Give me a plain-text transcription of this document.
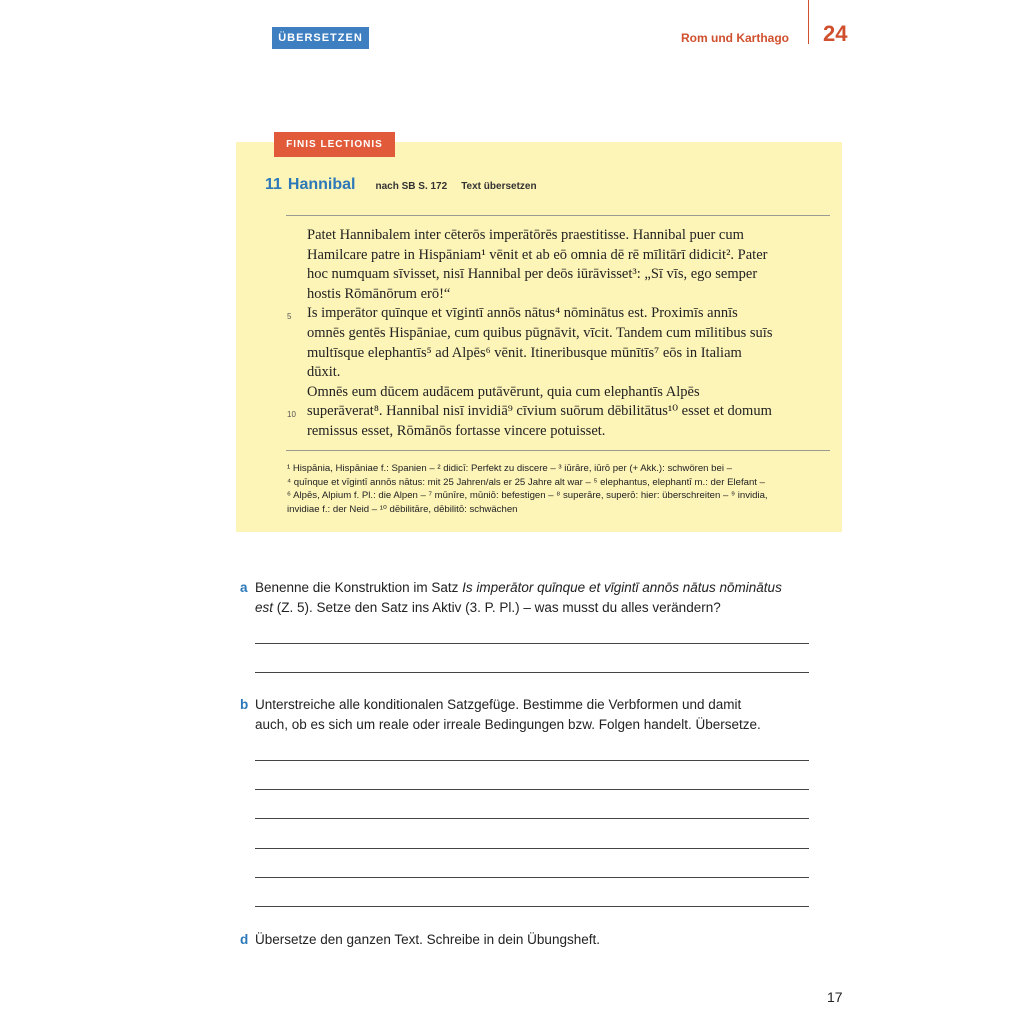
ÜBERSETZEN	Rom und Karthago 24
FINIS LECTIONIS
11 Hannibal nach SB S. 172 Text übersetzen
Patet Hannibalem inter cēterōs imperātōrēs praestitisse. Hannibal puer cum
Hamilcare patre in Hispāniam¹ vēnit et ab eō omnia dē rē mīlitārī didicit². Pater
hoc numquam sīvisset, nisī Hannibal per deōs iūrāvisset³: „Sī vīs, ego semper
hostis Rōmānōrum erō!“
5 Is imperātor quīnque et vīgintī annōs nātus⁴ nōminātus est. Proximīs annīs
omnēs gentēs Hispāniae, cum quibus pūgnāvit, vīcit. Tandem cum mīlitibus suīs
multīsque elephantīs⁵ ad Alpēs⁶ vēnit. Itineribusque mūnītīs⁷ eōs in Italiam
dūxit.
Omnēs eum dūcem audācem putāvērunt, quia cum elephantīs Alpēs
10 superāverat⁸. Hannibal nisī invidiā⁹ cīvium suōrum dēbilitātus¹⁰ esset et domum
remissus esset, Rōmānōs fortasse vincere potuisset.
¹ Hispānia, Hispāniae f.: Spanien – ² didicī: Perfekt zu discere – ³ iūrāre, iūrō per (+ Akk.): schwören bei –
⁴ quīnque et vīgintī annōs nātus: mit 25 Jahren/als er 25 Jahre alt war – ⁵ elephantus, elephantī m.: der Elefant –
⁶ Alpēs, Alpium f. Pl.: die Alpen – ⁷ mūnīre, mūniō: befestigen – ⁸ superāre, superō: hier: überschreiten – ⁹ invidia,
invidiae f.: der Neid – ¹⁰ dēbilitāre, dēbilitō: schwächen
a Benenne die Konstruktion im Satz Is imperātor quīnque et vīgintī annōs nātus nōminātus
est (Z. 5). Setze den Satz ins Aktiv (3. P. Pl.) – was musst du alles verändern?
b Unterstreiche alle konditionalen Satzgefüge. Bestimme die Verbformen und damit
auch, ob es sich um reale oder irreale Bedingungen bzw. Folgen handelt. Übersetze.
d Übersetze den ganzen Text. Schreibe in dein Übungsheft.
17
